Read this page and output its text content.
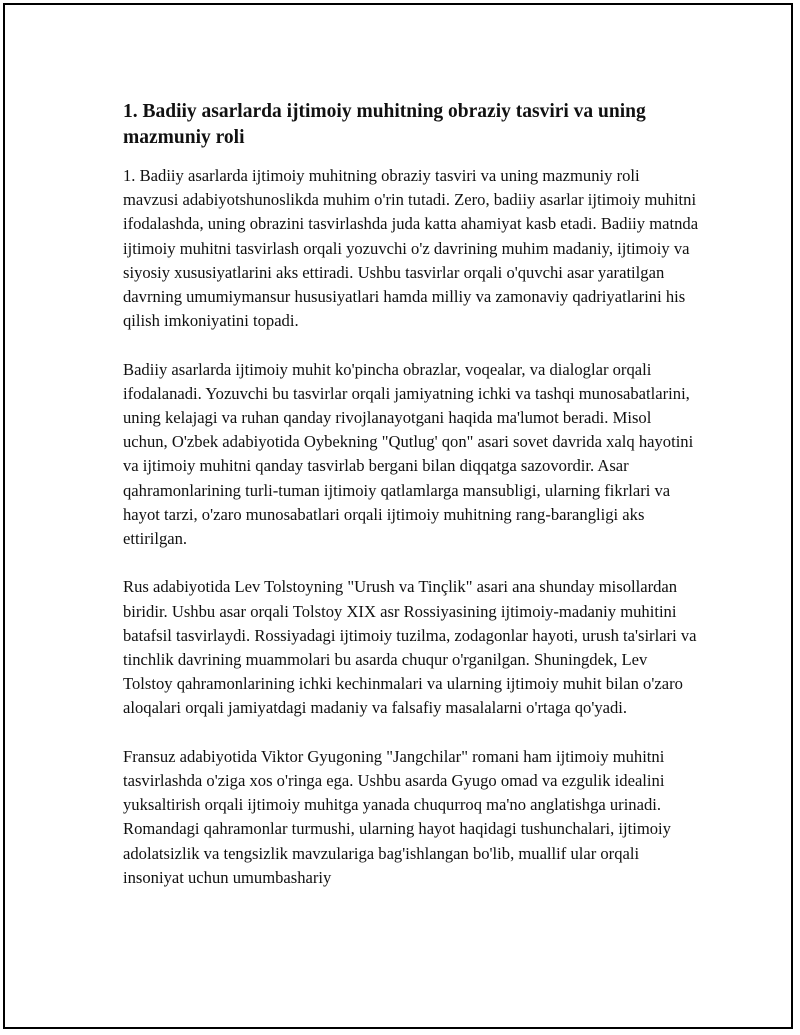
1. Badiiy asarlarda ijtimoiy muhitning obraziy tasviri va uning mazmuniy roli

1. Badiiy asarlarda ijtimoiy muhitning obraziy tasviri va uning mazmuniy roli mavzusi adabiyotshunoslikda muhim o'rin tutadi. Zero, badiiy asarlar ijtimoiy muhitni ifodalashda, uning obrazini tasvirlashda juda katta ahamiyat kasb etadi. Badiiy matnda ijtimoiy muhitni tasvirlash orqali yozuvchi o'z davrining muhim madaniy, ijtimoiy va siyosiy xususiyatlarini aks ettiradi. Ushbu tasvirlar orqali o'quvchi asar yaratilgan davrning umumiymansur hususiyatlari hamda milliy va zamonaviy qadriyatlarini his qilish imkoniyatini topadi.

Badiiy asarlarda ijtimoiy muhit ko'pincha obrazlar, voqealar, va dialoglar orqali ifodalanadi. Yozuvchi bu tasvirlar orqali jamiyatning ichki va tashqi munosabatlarini, uning kelajagi va ruhan qanday rivojlanayotgani haqida ma'lumot beradi. Misol uchun, O'zbek adabiyotida Oybekning "Qutlug' qon" asari sovet davrida xalq hayotini va ijtimoiy muhitni qanday tasvirlab bergani bilan diqqatga sazovordir. Asar qahramonlarining turli-tuman ijtimoiy qatlamlarga mansubligi, ularning fikrlari va hayot tarzi, o'zaro munosabatlari orqali ijtimoiy muhitning rang-barangligi aks ettirilgan.

Rus adabiyotida Lev Tolstoyning "Urush va Tinçlik" asari ana shunday misollardan biridir. Ushbu asar orqali Tolstoy XIX asr Rossiyasining ijtimoiy-madaniy muhitini batafsil tasvirlaydi. Rossiyadagi ijtimoiy tuzilma, zodagonlar hayoti, urush ta'sirlari va tinchlik davrining muammolari bu asarda chuqur o'rganilgan. Shuningdek, Lev Tolstoy qahramonlarining ichki kechinmalari va ularning ijtimoiy muhit bilan o'zaro aloqalari orqali jamiyatdagi madaniy va falsafiy masalalarni o'rtaga qo'yadi.

Fransuz adabiyotida Viktor Gyugoning "Jangchilar" romani ham ijtimoiy muhitni tasvirlashda o'ziga xos o'ringa ega. Ushbu asarda Gyugo omad va ezgulik idealini yuksaltirish orqali ijtimoiy muhitga yanada chuqurroq ma'no anglatishga urinadi. Romandagi qahramonlar turmushi, ularning hayot haqidagi tushunchalari, ijtimoiy adolatsizlik va tengsizlik mavzulariga bag'ishlangan bo'lib, muallif ular orqali insoniyat uchun umumbashariy
